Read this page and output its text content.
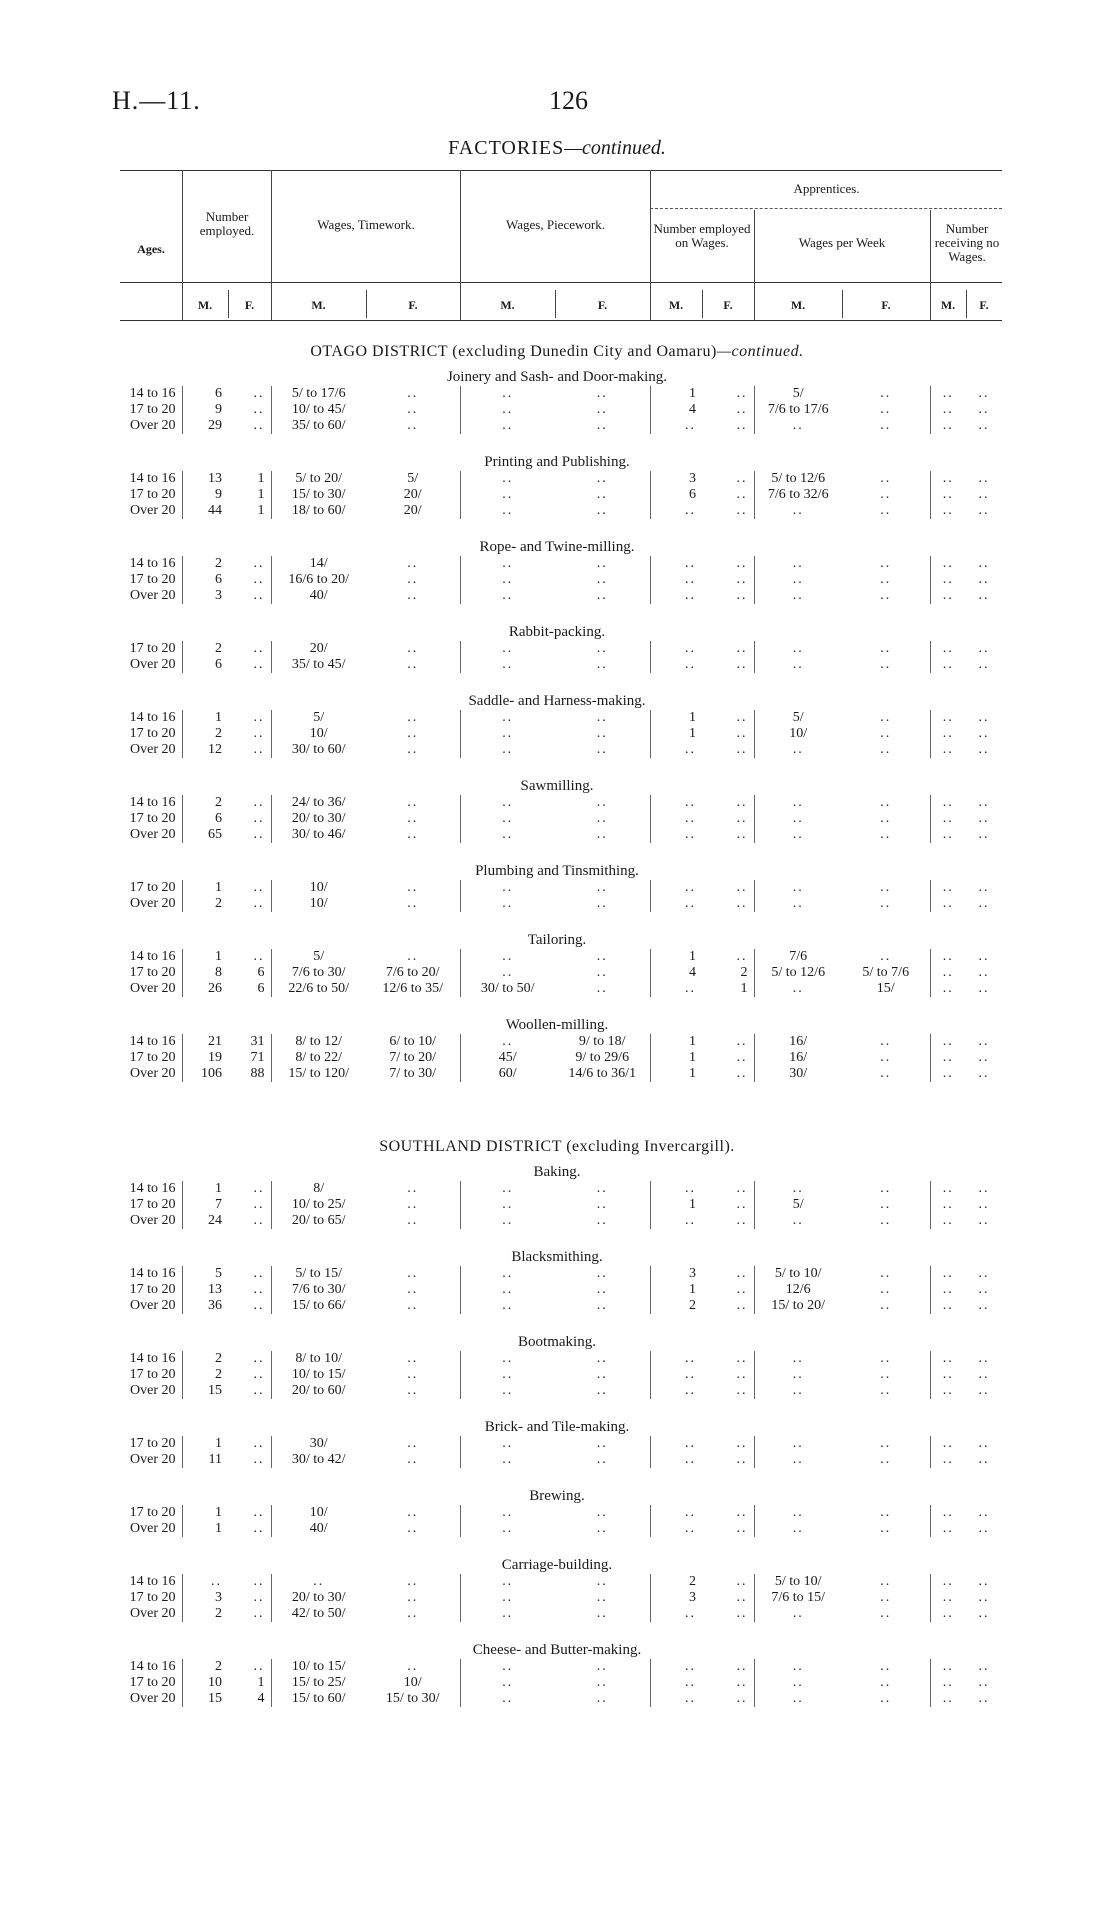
H.—11.	126
FACTORIES—continued.
Ages.
Number employed.	Wages, Timework.	Wages, Piecework.
Apprentices.
Number employed on Wages.	Wages per Week
Number receiving no Wages.
M.	F.	M.	F.	M.	F.	M.	F.	M.	F.	M.	F.
OTAGO DISTRICT (excluding Dunedin City and Oamaru)—continued.
Joinery and Sash- and Door-making.
14 to 16	6	..	5/ to 17/6	..	..	..	1	..	5/	..	..	..
17 to 20	9	..	10/ to 45/	..	..	..	4	..	7/6 to 17/6	..	..	..
Over 20	29	..	35/ to 60/	..	..	..	..	..	..	..	..	..
Printing and Publishing.
14 to 16	13	1	5/ to 20/	5/	..	..	3	..	5/ to 12/6	..	..	..
17 to 20	9	1	15/ to 30/	20/	..	..	6	..	7/6 to 32/6	..	..	..
Over 20	44	1	18/ to 60/	20/	..	..	..	..	..	..	..	..
Rope- and Twine-milling.
14 to 16	2	..	14/	..	..	..	..	..	..	..	..	..
17 to 20	6	..	16/6 to 20/	..	..	..	..	..	..	..	..	..
Over 20	3	..	40/	..	..	..	..	..	..	..	..	..
Rabbit-packing.
17 to 20	2	..	20/	..	..	..	..	..	..	..	..	..
Over 20	6	..	35/ to 45/	..	..	..	..	..	..	..	..	..
Saddle- and Harness-making.
14 to 16	1	..	5/	..	..	..	1	..	5/	..	..	..
17 to 20	2	..	10/	..	..	..	1	..	10/	..	..	..
Over 20	12	..	30/ to 60/	..	..	..	..	..	..	..	..	..
Sawmilling.
14 to 16	2	..	24/ to 36/	..	..	..	..	..	..	..	..	..
17 to 20	6	..	20/ to 30/	..	..	..	..	..	..	..	..	..
Over 20	65	..	30/ to 46/	..	..	..	..	..	..	..	..	..
Plumbing and Tinsmithing.
17 to 20	1	..	10/	..	..	..	..	..	..	..	..	..
Over 20	2	..	10/	..	..	..	..	..	..	..	..	..
Tailoring.
14 to 16	1	..	5/	..	..	..	1	..	7/6	..	..	..
17 to 20	8	6	7/6 to 30/	7/6 to 20/	..	..	4	2	5/ to 12/6	5/ to 7/6	..	..
Over 20	26	6	22/6 to 50/	12/6 to 35/	30/ to 50/	..	..	1	..	15/	..	..
Woollen-milling.
14 to 16	21	31	8/ to 12/	6/ to 10/	..	9/ to 18/	1	..	16/	..	..	..
17 to 20	19	71	8/ to 22/	7/ to 20/	45/	9/ to 29/6	1	..	16/	..	..	..
Over 20	106	88	15/ to 120/	7/ to 30/	60/	14/6 to 36/1	1	..	30/	..	..	..
SOUTHLAND DISTRICT (excluding Invercargill).
Baking.
14 to 16	1	..	8/	..	..	..	..	..	..	..	..	..
17 to 20	7	..	10/ to 25/	..	..	..	1	..	5/	..	..	..
Over 20	24	..	20/ to 65/	..	..	..	..	..	..	..	..	..
Blacksmithing.
14 to 16	5	..	5/ to 15/	..	..	..	3	..	5/ to 10/	..	..	..
17 to 20	13	..	7/6 to 30/	..	..	..	1	..	12/6	..	..	..
Over 20	36	..	15/ to 66/	..	..	..	2	..	15/ to 20/	..	..	..
Bootmaking.
14 to 16	2	..	8/ to 10/	..	..	..	..	..	..	..	..	..
17 to 20	2	..	10/ to 15/	..	..	..	..	..	..	..	..	..
Over 20	15	..	20/ to 60/	..	..	..	..	..	..	..	..	..
Brick- and Tile-making.
17 to 20	1	..	30/	..	..	..	..	..	..	..	..	..
Over 20	11	..	30/ to 42/	..	..	..	..	..	..	..	..	..
Brewing.
17 to 20	1	..	10/	..	..	..	..	..	..	..	..	..
Over 20	1	..	40/	..	..	..	..	..	..	..	..	..
Carriage-building.
14 to 16	..	..	..	..	..	..	2	..	5/ to 10/	..	..	..
17 to 20	3	..	20/ to 30/	..	..	..	3	..	7/6 to 15/	..	..	..
Over 20	2	..	42/ to 50/	..	..	..	..	..	..	..	..	..
Cheese- and Butter-making.
14 to 16	2	..	10/ to 15/	..	..	..	..	..	..	..	..	..
17 to 20	10	1	15/ to 25/	10/	..	..	..	..	..	..	..	..
Over 20	15	4	15/ to 60/	15/ to 30/	..	..	..	..	..	..	..	..
